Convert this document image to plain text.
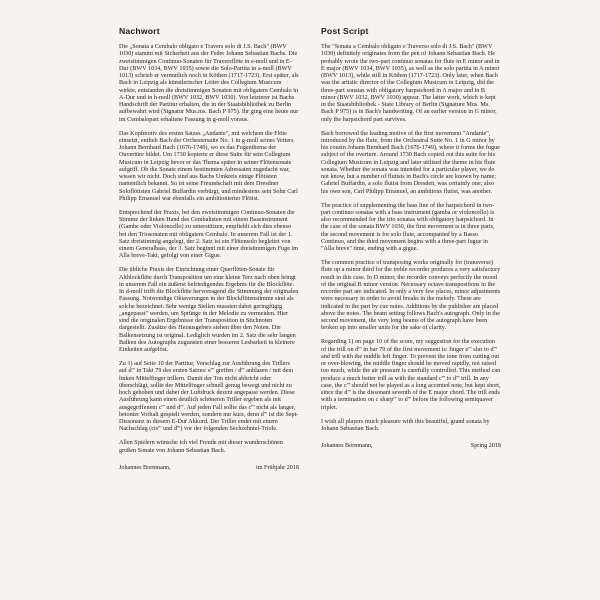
Nachwort

Die „Sonata a Cembalo obligato e Travers solo di J.S. Bach" (BWV 1030) stammt mit Sicherheit aus der Feder Johann Sebastian Bachs. Die zweistimmigen Continuo-Sonaten für Traversflöte in e-moll und in E-Dur (BWV 1034, BWV 1035) sowie die Solo-Partita in a-moll (BWV 1013) schrieb er vermutlich noch in Köthen (1717-1723). Erst später, als Bach in Leipzig als künstlerischer Leiter des Collegium Musicum wirkte, entstanden die dreistimmigen Sonaten mit obligatem Cembalo in A-Dur und in h-moll (BWV 1032, BWV 1030). Von letzterer ist Bachs Handschrift der Partitur erhalten, die in der Staatsbibliothek zu Berlin aufbewahrt wird (Signatur Mus.ms. Bach P 975). Ihr ging eine heute nur im Cembalopart erhaltene Fassung in g-moll voraus.

Das Kopfmotiv des ersten Satzes „Andante", mit welchem die Flöte einsetzt, entlieh Bach der Orchestersuite No. 1 in g-moll seines Vetters Johann Bernhard Bach (1676-1749), wo es das Fugenthema der Ouvertüre bildet. Um 1730 kopierte er diese Suite für sein Collegium Musicum in Leipzig bevor er das Thema später in seiner Flötensonate aufgriff. Ob die Sonate einem bestimmten Adressaten zugedacht war, wissen wir nicht. Doch sind aus Bachs Umkreis einige Flötisten namentlich bekannt. So ist seine Freundschaft mit dem Dresdner Soloflötisten Gabriel Buffardin verbürgt, und mindestens sein Sohn Carl Philipp Emanuel war ebenfalls ein ambitionierter Flötist.

Entsprechend der Praxis, bei den zweistimmigen Continuo-Sonaten die Stimme der linken Hand des Cembalisten mit einem Bassinstrument (Gambe oder Violoncello) zu unterstützen, empfiehlt sich dies ebenso bei den Triosonaten mit obligatem Cembalo. In unserem Fall ist der 1. Satz dreistimmig angelegt, der 2. Satz ist ein Flötensolo begleitet von einem Generalbass, der 3. Satz beginnt mit einer dreistimmigen Fuge im Alla breve-Takt, gefolgt von einer Gigue.

Die übliche Praxis der Einrichtung einer Querflöten-Sonate für Altblockflöte durch Transposition um eine kleine Terz nach oben bringt in unserem Fall ein äußerst befriedigendes Ergebnis für die Blockflöte. In d-moll trifft die Blockflöte hervorragend die Stimmung der originalen Fassung. Notwendige Oktaverungen in der Blockflötenstimme sind als solche bezeichnet. Sehr wenige Stellen mussten dabei geringfügig „angepasst" werden, um Sprünge in der Melodie zu vermeiden. Hier sind die originalen Ergebnisse der Transposition in Stichnoten dargestellt. Zusätze des Herausgebers stehen über den Noten. Die Balkensetzung ist original. Lediglich wurden im 2. Satz die sehr langen Balken des Autographs zugunsten einer besseren Lesbarkeit in kleinere Einheiten aufgelöst.

Zu 1) auf Seite 10 der Partitur, Vorschlag zur Ausführung des Trillers auf d''' in Takt 79 des ersten Satzes: e''' greifen / d''' anblasen / mit dem linken Mittelfinger trillern. Damit der Ton nicht abbricht oder überschlägt, sollte der Mittelfinger schnell genug bewegt und nicht zu hoch gehoben und dabei der Luftdruck dezent angepasst werden. Diese Ausführung kann einen deutlich schöneren Triller ergeben als mit ausgegriffenem c''' und d'''. Auf jeden Fall sollte das c''' nicht als langer, betonter Vorhalt gespielt werden, sondern nur kurz, denn d''' ist die Sept-Dissonanz in diesem E-Dur Akkord. Der Triller endet mit einem Nachschlag (cis''' und d''') vor der folgenden Sechzehntel-Triole.

Allen Spielern wünsche ich viel Freude mit dieser wunderschönen großen Sonate von Johann Sebastian Bach.

Johannes Bornmann,	im Frühjahr 2018
Post Script

The "Sonata a Cembalo obligato e Traverso solo di J.S. Bach" (BWV 1030) definitely originates from the pen of Johann Sebastian Bach. He probably wrote the two-part continuo sonatas for flute in E minor and in E major (BWV 1034, BWV 1035), as well as the solo partita in A minor (BWV 1013), while still in Köthen (1717-1723). Only later, when Bach was the artistic director of the Collegium Musicum in Leipzig, did the three-part sonatas with obligatory harpsichord in A major and in B minor (BWV 1032, BWV 1030) appear. The latter work, which is kept in the Staatsbibliothek - State Library of Berlin (Signature Mus. Ms. Bach P 975) is in Bach's handwriting. Of an earlier version in G minor, only the harpsichord part survives.

Bach borrowed the leading motive of the first movement "Andante", introduced by the flute, from the Orchestral Suite No. 1 in G minor by his cousin Johann Bernhard Bach (1676-1749), where it forms the fugue subject of the overture. Around 1730 Bach copied out this suite for his Collegium Musicum in Leipzig and later utilised the theme in his flute sonata. Whether the sonata was intended for a particular player, we do not know, but a number of flutists in Bach's circle are known by name; Gabriel Buffardin, a solo flutist from Dresden, was certainly one; also his own son, Carl Philipp Emanuel, an ambitious flutist, was another.

The practice of supplementing the bass line of the harpsichord in two-part continuo sonatas with a bass instrument (gamba or violoncello) is also recommended for the trio sonatas with obligatory harpsichord. In the case of the sonata BWV 1030, the first movement is in three parts, the second movement is for solo flute, accompanied by a Basso Continuo, and the third movement begins with a three-part fugue in "Alla breve" time, ending with a gigue.

The common practice of transposing works originally for (transverse) flute up a minor third for the treble recorder produces a very satisfactory result in this case. In D minor, the recorder conveys perfectly the mood of the original B minor version. Necessary octave transpositions in the recorder part are indicated. In only a very few places, minor adjustments were necessary in order to avoid breaks in the melody. These are indicated in the part by cue notes. Additions by the publisher are placed above the notes. The beam setting follows Bach's autograph. Only in the second movement, the very long beams of the autograph have been broken up into smaller units for the sake of clarity.

Regarding 1) on page 10 of the score, my suggestion for the execution of the trill on d''' in bar 79 of the first movement is: finger e''' slur to d''' and trill with the middle left finger. To prevent the tone from cutting out or over-blowing, the middle finger should be moved rapidly, not raised too much, while the air pressure is carefully controlled. This method can produce a much better trill as with the standard c''' to d''' trill. In any case, the c''' should not be played as a long accented note, but kept short, since the d''' is the dissonant seventh of the E major chord. The trill ends with a termination on c sharp''' to d''' before the following semiquaver triplet.

I wish all players much pleasure with this beautiful, grand sonata by Johann Sebastian Bach.

Johannes Bornmann,	Spring 2018
